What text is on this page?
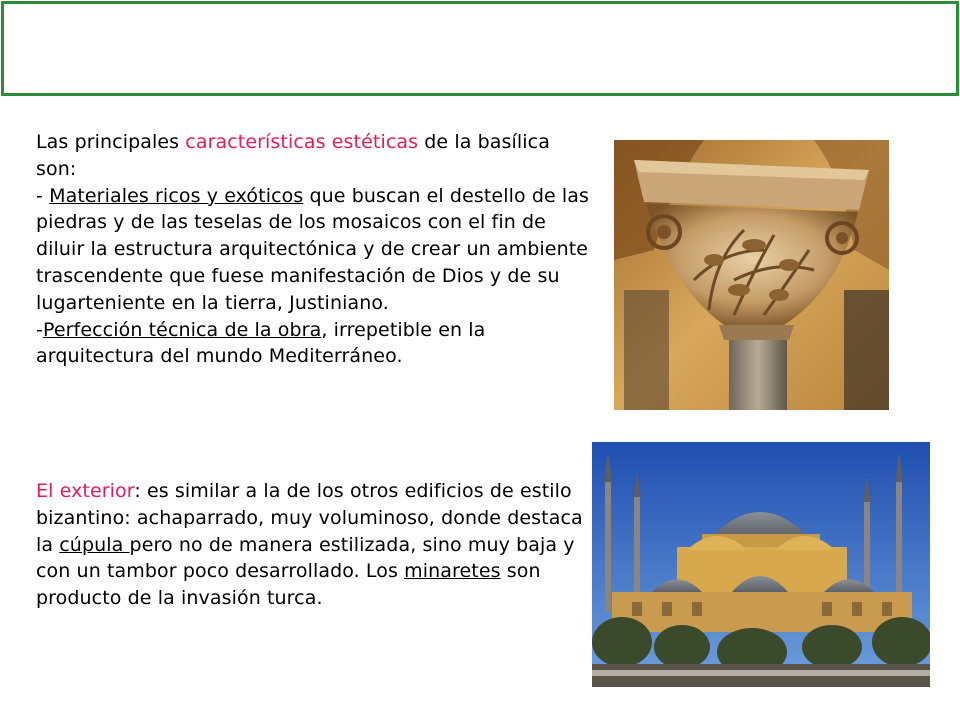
Las principales características estéticas de la basílica son:
- Materiales ricos y exóticos que buscan el destello de las piedras y de las teselas de los mosaicos con el fin de diluir la estructura arquitectónica y de crear un ambiente trascendente que fuese manifestación de Dios y de su lugarteniente en la tierra, Justiniano.
-Perfección técnica de la obra, irrepetible en la arquitectura del mundo Mediterráneo.

El exterior: es similar a la de los otros edificios de estilo bizantino: achaparrado, muy voluminoso, donde destaca la cúpula pero no de manera estilizada, sino muy baja y con un tambor poco desarrollado. Los minaretes son producto de la invasión turca.
